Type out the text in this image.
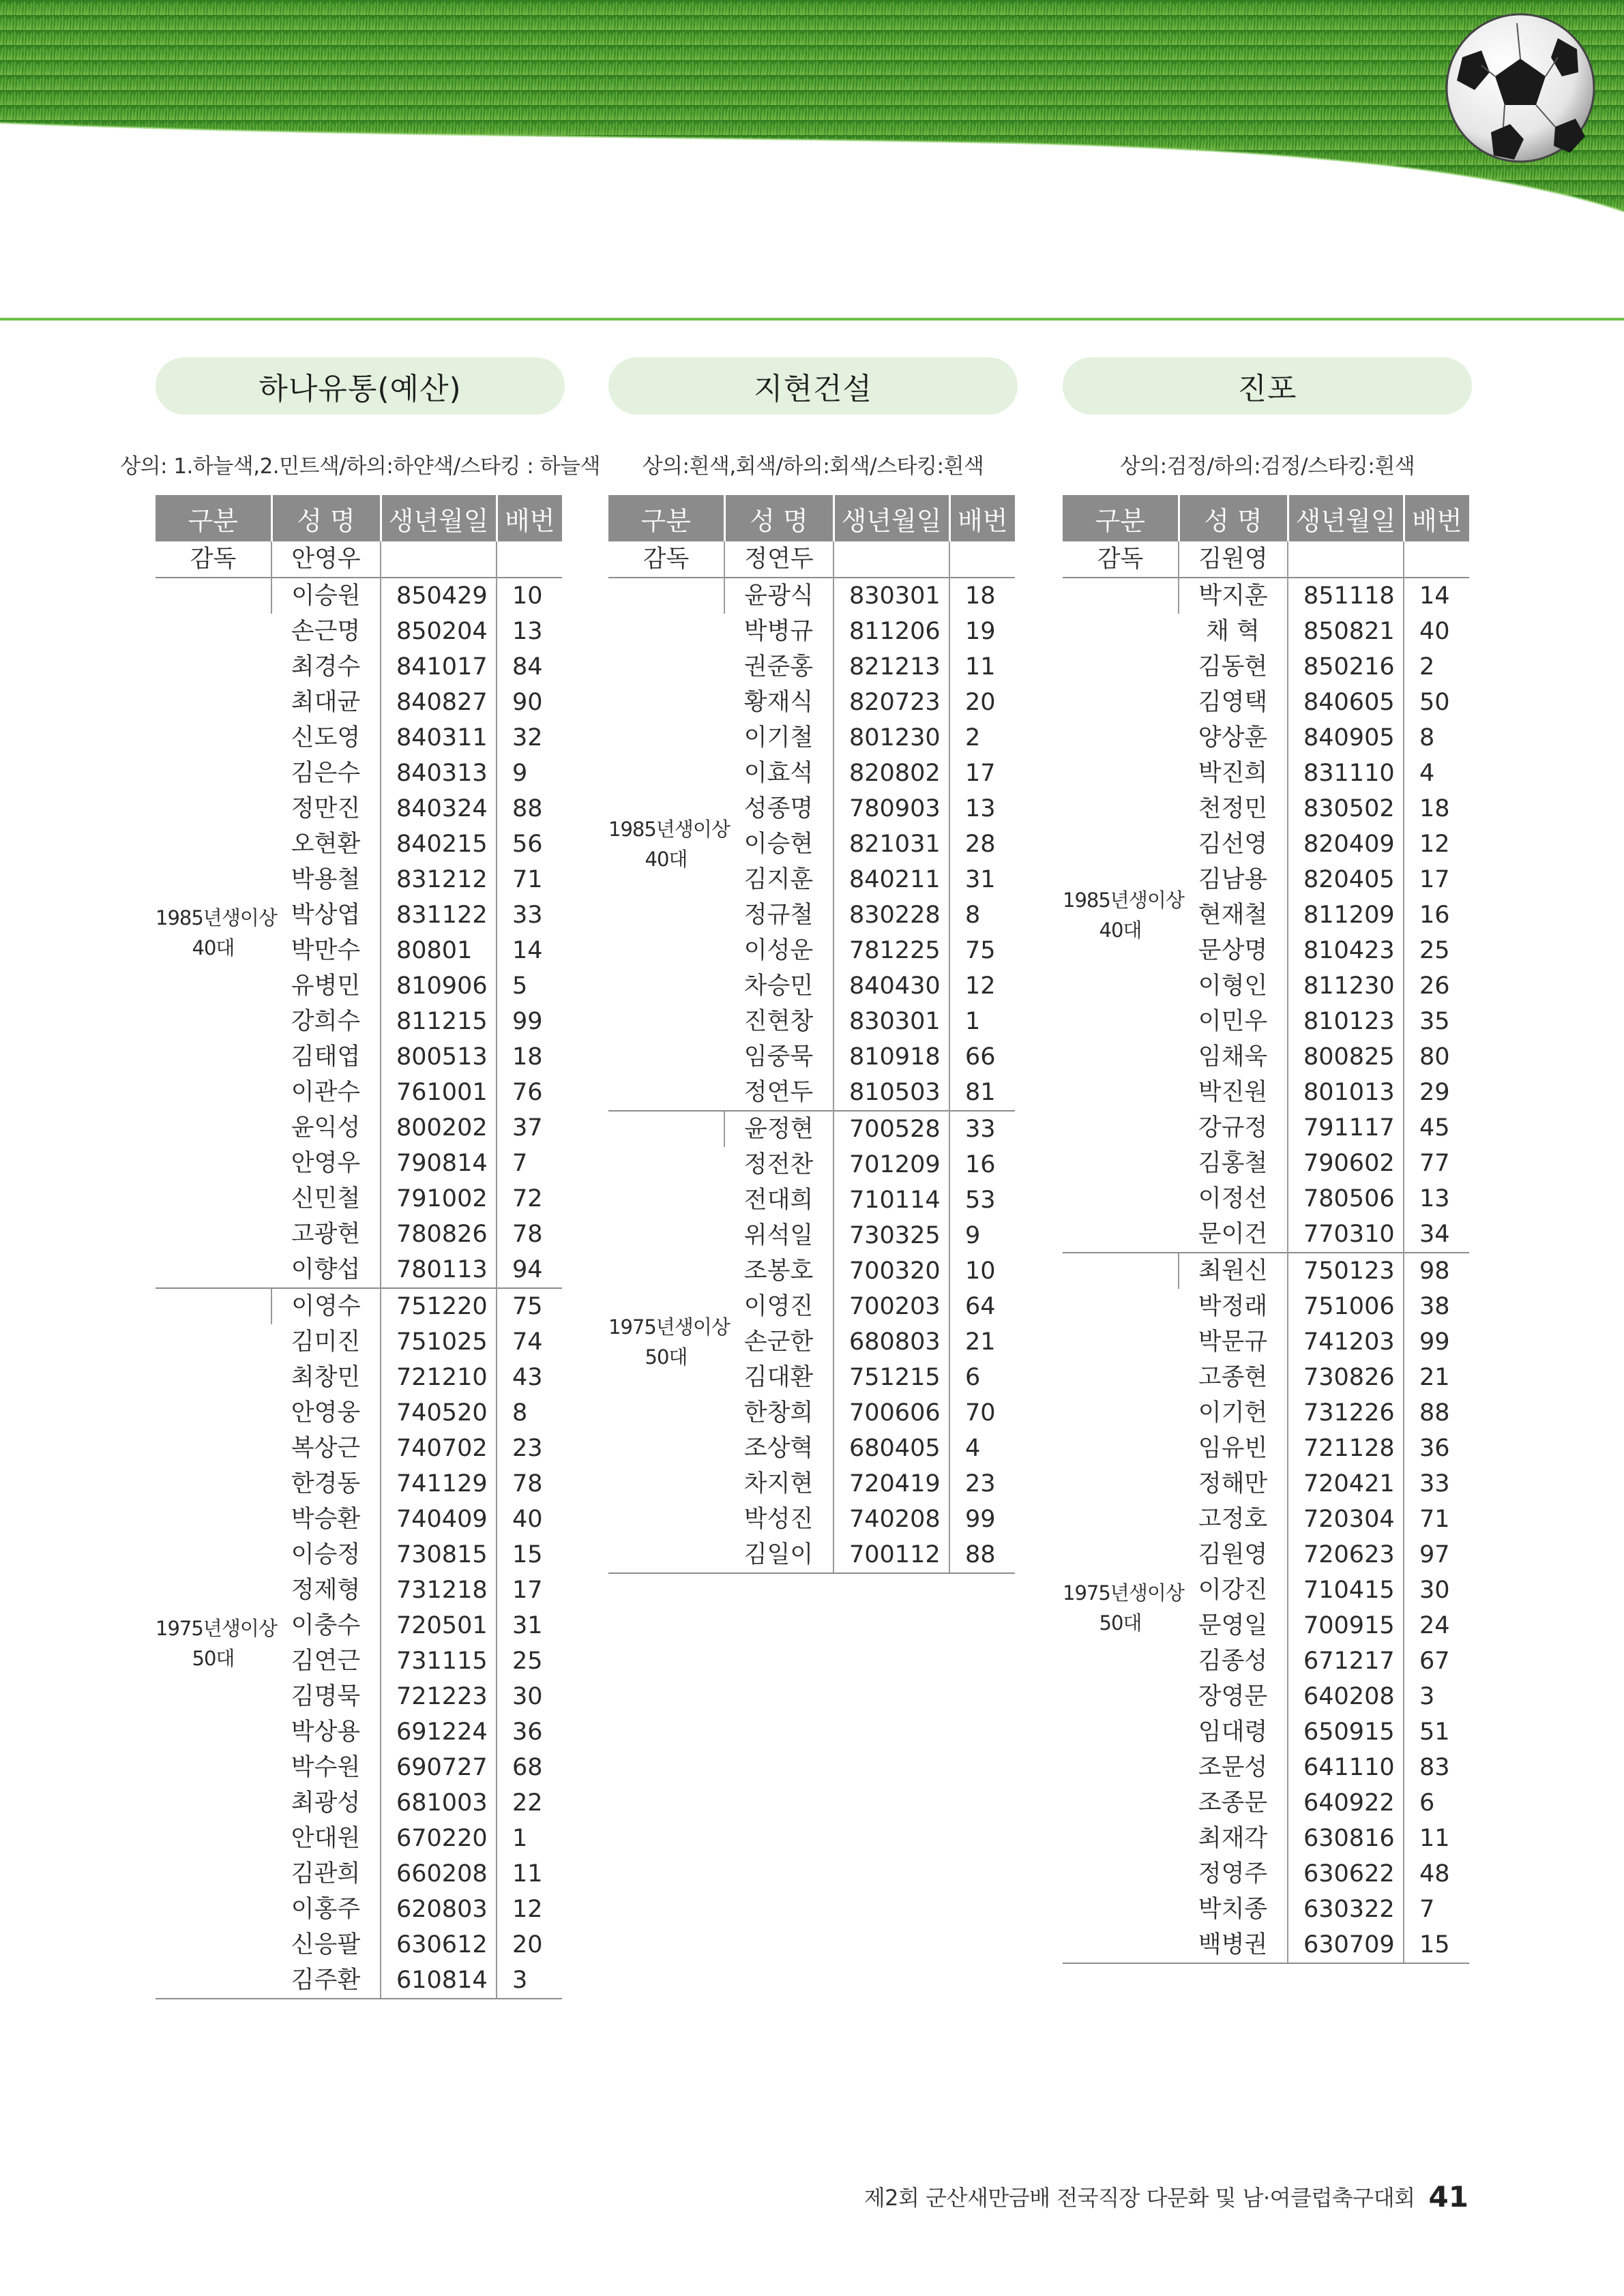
하나유통(예산)
상의: 1.하늘색,2.민트색/하의:하얀색/스타킹 : 하늘색
구분	성 명	생년월일	배번
감독	안영우		

1985년생이상
40대	이승원	850429	10
	손근명	850204	13
	최경수	841017	84
	최대균	840827	90
	신도영	840311	32
	김은수	840313	9
	정만진	840324	88
	오현환	840215	56
	박용철	831212	71
	박상엽	831122	33
	박만수	80801	14
	유병민	810906	5
	강희수	811215	99
	김태엽	800513	18
	이관수	761001	76
	윤익성	800202	37
	안영우	790814	7
	신민철	791002	72
	고광현	780826	78
	이향섭	780113	94

1975년생이상
50대	이영수	751220	75
	김미진	751025	74
	최창민	721210	43
	안영웅	740520	8
	복상근	740702	23
	한경동	741129	78
	박승환	740409	40
	이승정	730815	15
	정제형	731218	17
	이충수	720501	31
	김연근	731115	25
	김명묵	721223	30
	박상용	691224	36
	박수원	690727	68
	최광성	681003	22
	안대원	670220	1
	김관희	660208	11
	이홍주	620803	12
	신응팔	630612	20
	김주환	610814	3
지현건설
상의:흰색,회색/하의:회색/스타킹:흰색
구분	성 명	생년월일	배번
감독	정연두		

1985년생이상
40대	윤광식	830301	18
	박병규	811206	19
	권준홍	821213	11
	황재식	820723	20
	이기철	801230	2
	이효석	820802	17
	성종명	780903	13
	이승현	821031	28
	김지훈	840211	31
	정규철	830228	8
	이성운	781225	75
	차승민	840430	12
	진현창	830301	1
	임중묵	810918	66
	정연두	810503	81

1975년생이상
50대	윤정현	700528	33
	정전찬	701209	16
	전대희	710114	53
	위석일	730325	9
	조봉호	700320	10
	이영진	700203	64
	손군한	680803	21
	김대환	751215	6
	한창희	700606	70
	조상혁	680405	4
	차지현	720419	23
	박성진	740208	99
	김일이	700112	88
진포
상의:검정/하의:검정/스타킹:흰색
구분	성 명	생년월일	배번
감독	김원영		

1985년생이상
40대	박지훈	851118	14
	채 혁	850821	40
	김동현	850216	2
	김영택	840605	50
	양상훈	840905	8
	박진희	831110	4
	천정민	830502	18
	김선영	820409	12
	김남용	820405	17
	현재철	811209	16
	문상명	810423	25
	이형인	811230	26
	이민우	810123	35
	임채욱	800825	80
	박진원	801013	29
	강규정	791117	45
	김홍철	790602	77
	이정선	780506	13
	문이건	770310	34

1975년생이상
50대	최원신	750123	98
	박정래	751006	38
	박문규	741203	99
	고종현	730826	21
	이기헌	731226	88
	임유빈	721128	36
	정해만	720421	33
	고정호	720304	71
	김원영	720623	97
	이강진	710415	30
	문영일	700915	24
	김종성	671217	67
	장영문	640208	3
	임대령	650915	51
	조문성	641110	83
	조종문	640922	6
	최재각	630816	11
	정영주	630622	48
	박치종	630322	7
	백병권	630709	15
제2회 군산새만금배 전국직장 다문화 및 남·여클럽축구대회 41
